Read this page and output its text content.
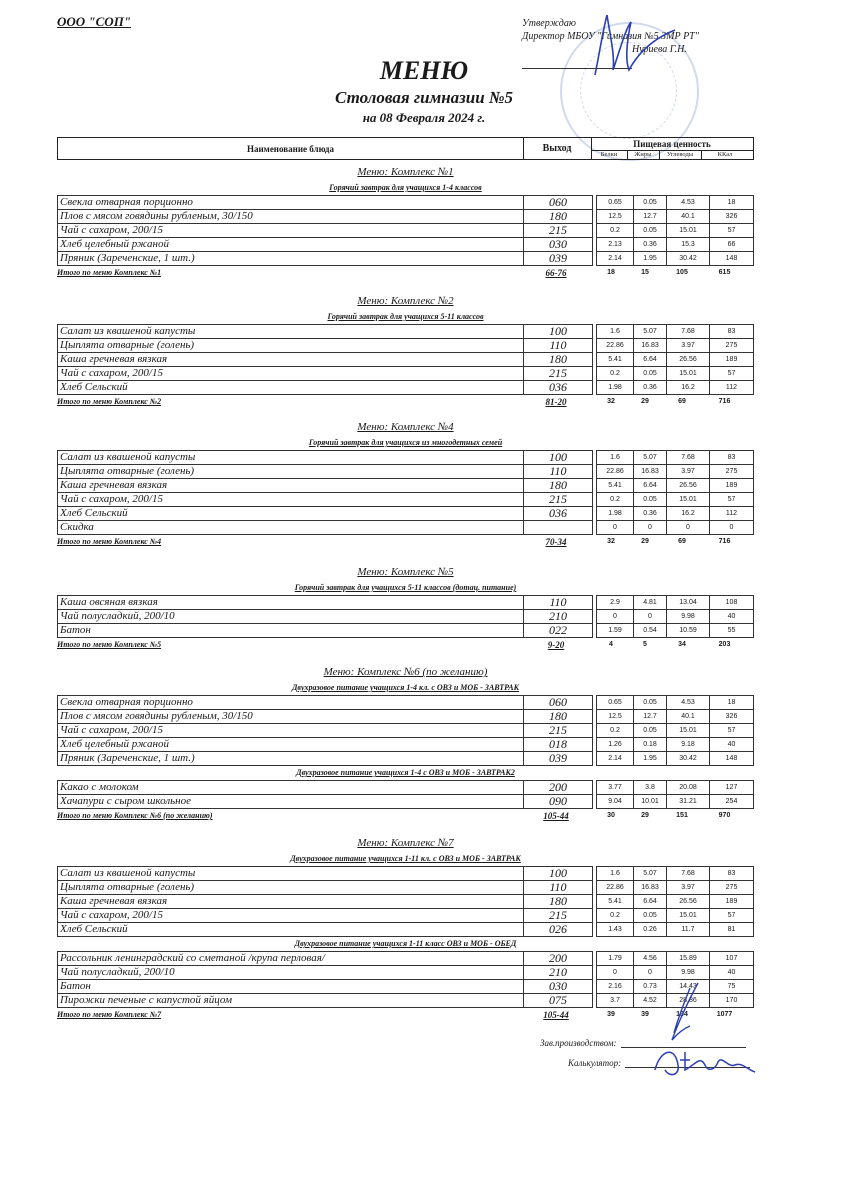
ООО "СОП"	Утверждаю
Директор МБОУ "Гимназия №5 ЗМР РТ"
Нуриева Г.Н.
МЕНЮ
Столовая гимназии №5
на 08 Февраля 2024 г.
Наименование блюда	Выход	Пищевая ценность
Белки	Жиры	Углеводы	ККал
Меню: Комплекс №1
Горячий завтрак для учащихся 1-4 классов
Свекла отварная порционно	060		0.65	0.05	4.53	18
Плов с мясом говядины рубленым, 30/150	180		12.5	12.7	40.1	326
Чай с сахаром, 200/15	215		0.2	0.05	15.01	57
Хлеб целебный ржаной	030		2.13	0.36	15.3	66
Пряник (Зареченские, 1 шт.)	039		2.14	1.95	30.42	148
Итого по меню Комплекс №1	66-76	18	15	105	615
Меню: Комплекс №2
Горячий завтрак для учащихся 5-11 классов
Салат из квашеной капусты	100		1.6	5.07	7.68	83
Цыплята отварные (голень)	110		22.86	16.83	3.97	275
Каша гречневая вязкая	180		5.41	6.64	26.56	189
Чай с сахаром, 200/15	215		0.2	0.05	15.01	57
Хлеб Сельский	036		1.98	0.36	16.2	112
Итого по меню Комплекс №2	81-20	32	29	69	716
Меню: Комплекс №4
Горячий завтрак для учащихся из многодетных семей
Салат из квашеной капусты	100		1.6	5.07	7.68	83
Цыплята отварные (голень)	110		22.86	16.83	3.97	275
Каша гречневая вязкая	180		5.41	6.64	26.56	189
Чай с сахаром, 200/15	215		0.2	0.05	15.01	57
Хлеб Сельский	036		1.98	0.36	16.2	112
Скидка			0	0	0	0
Итого по меню Комплекс №4	70-34	32	29	69	716
Меню: Комплекс №5
Горячий завтрак для учащихся 5-11 классов (дотац. питание)
Каша овсяная вязкая	110		2.9	4.81	13.04	108
Чай полусладкий, 200/10	210		0	0	9.98	40
Батон	022		1.59	0.54	10.59	55
Итого по меню Комплекс №5	9-20	4	5	34	203
Меню: Комплекс №6 (по желанию)
Двухразовое питание учащихся 1-4 кл. с ОВЗ и МОБ - ЗАВТРАК
Свекла отварная порционно	060		0.65	0.05	4.53	18
Плов с мясом говядины рубленым, 30/150	180		12.5	12.7	40.1	326
Чай с сахаром, 200/15	215		0.2	0.05	15.01	57
Хлеб целебный ржаной	018		1.26	0.18	9.18	40
Пряник (Зареченские, 1 шт.)	039		2.14	1.95	30.42	148
Двухразовое питание учащихся 1-4 с ОВЗ и МОБ - ЗАВТРАК2
Какао с молоком	200		3.77	3.8	20.08	127
Хачапури с сыром школьное	090		9.04	10.01	31.21	254
Итого по меню Комплекс №6 (по желанию)	105-44	30	29	151	970
Меню: Комплекс №7
Двухразовое питание учащихся 1-11 кл. с ОВЗ и МОБ - ЗАВТРАК
Салат из квашеной капусты	100		1.6	5.07	7.68	83
Цыплята отварные (голень)	110		22.86	16.83	3.97	275
Каша гречневая вязкая	180		5.41	6.64	26.56	189
Чай с сахаром, 200/15	215		0.2	0.05	15.01	57
Хлеб Сельский	026		1.43	0.26	11.7	81
Двухразовое питание учащихся 1-11 класс ОВЗ и МОБ - ОБЕД
Рассольник ленинградский со сметаной /крупа перловая/	200		1.79	4.56	15.89	107
Чай полусладкий, 200/10	210		0	0	9.98	40
Батон	030		2.16	0.73	14.43	75
Пирожки печеные с капустой яйцом	075		3.7	4.52	28.86	170
Итого по меню Комплекс №7	105-44	39	39	134	1077
Зав.производством:
Калькулятор:
